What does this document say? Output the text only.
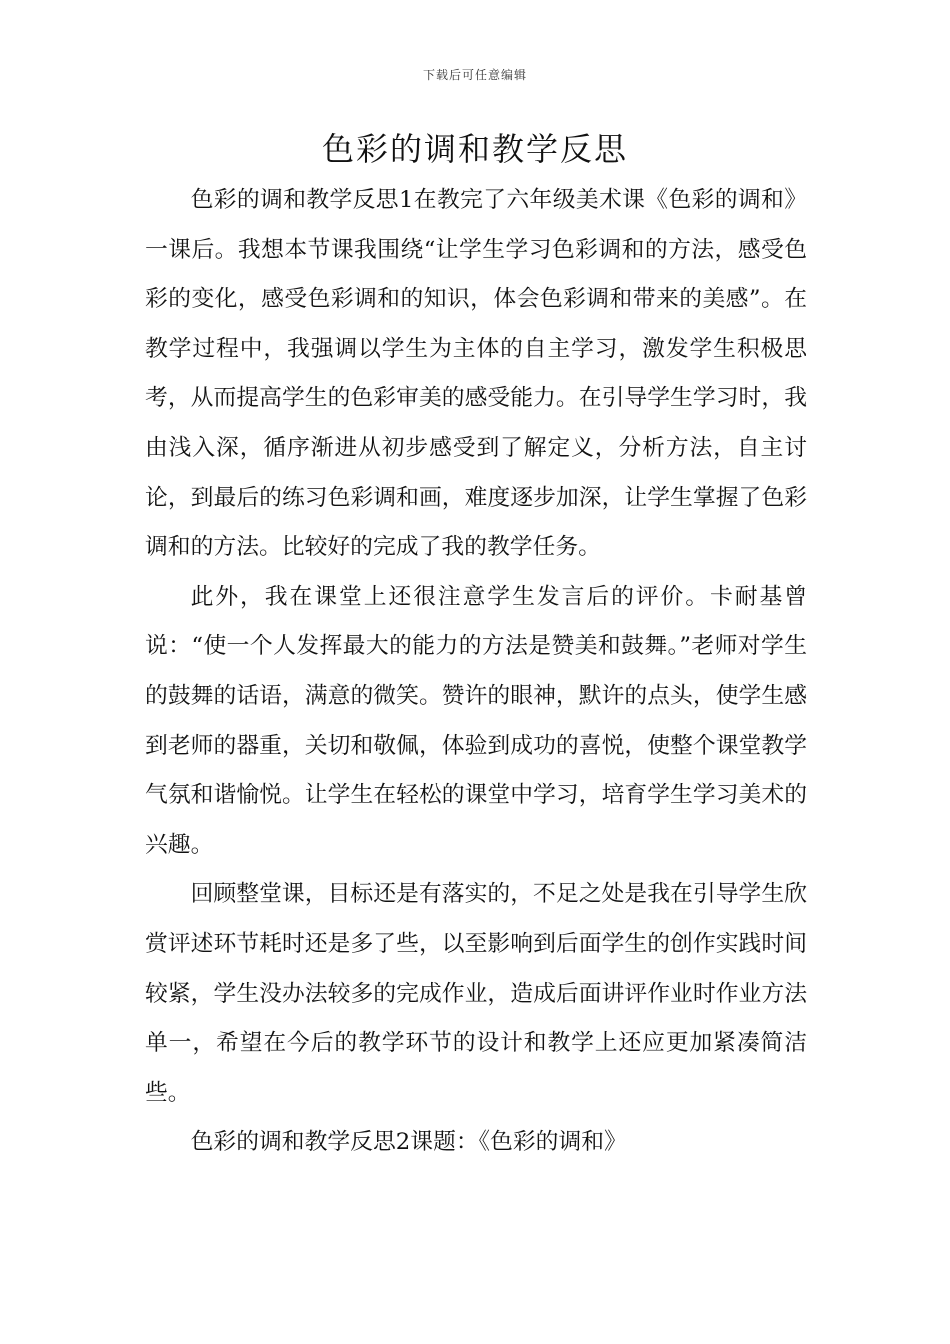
下载后可任意编辑
色彩的调和教学反思

色彩的调和教学反思1在教完了六年级美术课《色彩的调和》一课后。我想本节课我围绕“让学生学习色彩调和的方法，感受色彩的变化，感受色彩调和的知识，体会色彩调和带来的美感”。在教学过程中，我强调以学生为主体的自主学习，激发学生积极思考，从而提高学生的色彩审美的感受能力。在引导学生学习时，我由浅入深，循序渐进从初步感受到了解定义，分析方法，自主讨论，到最后的练习色彩调和画，难度逐步加深，让学生掌握了色彩调和的方法。比较好的完成了我的教学任务。

此外，我在课堂上还很注意学生发言后的评价。卡耐基曾说：“使一个人发挥最大的能力的方法是赞美和鼓舞。”老师对学生的鼓舞的话语，满意的微笑。赞许的眼神，默许的点头，使学生感到老师的器重，关切和敬佩，体验到成功的喜悦，使整个课堂教学气氛和谐愉悦。让学生在轻松的课堂中学习，培育学生学习美术的兴趣。

回顾整堂课，目标还是有落实的，不足之处是我在引导学生欣赏评述环节耗时还是多了些，以至影响到后面学生的创作实践时间较紧，学生没办法较多的完成作业，造成后面讲评作业时作业方法单一，希望在今后的教学环节的设计和教学上还应更加紧凑简洁些。

色彩的调和教学反思2课题：《色彩的调和》
